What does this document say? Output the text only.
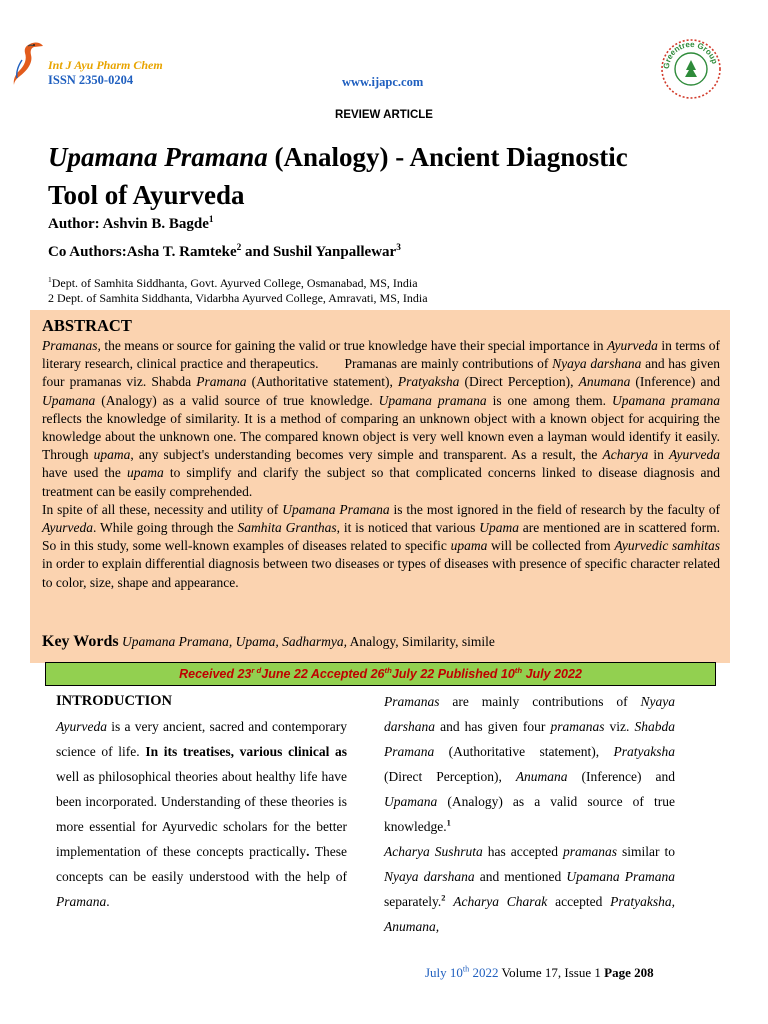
Int J Ayu Pharm Chem
ISSN 2350-0204	www.ijapc.com
Greentree Group
REVIEW ARTICLE
Upamana Pramana (Analogy) - Ancient Diagnostic
Tool of Ayurveda
Author: Ashvin B. Bagde$^1$
Co Authors:Asha T. Ramteke$^2$ and Sushil Yanpallewar$^3$
$^1$Dept. of Samhita Siddhanta, Govt. Ayurved College, Osmanabad, MS, India
2 Dept. of Samhita Siddhanta, Vidarbha Ayurved College, Amravati, MS, India
ABSTRACT

Pramanas, the means or source for gaining the valid or true knowledge have their special importance in Ayurveda in terms of literary research, clinical practice and therapeutics.       Pramanas are mainly contributions of Nyaya darshana and has given four pramanas viz. Shabda Pramana (Authoritative statement), Pratyaksha (Direct Perception), Anumana (Inference) and Upamana (Analogy) as a valid source of true knowledge. Upamana pramana is one among them. Upamana pramana reflects the knowledge of similarity. It is a method of comparing an unknown object with a known object for acquiring the knowledge about the unknown one. The compared known object is very well known even a layman would identify it easily. Through upama, any subject's understanding becomes very simple and transparent. As a result, the Acharya in Ayurveda have used the upama to simplify and clarify the subject so that complicated concerns linked to disease diagnosis and treatment can be easily comprehended.

In spite of all these, necessity and utility of Upamana Pramana is the most ignored in the field of research by the faculty of Ayurveda. While going through the Samhita Granthas, it is noticed that various Upama are mentioned are in scattered form. So in this study, some well-known examples of diseases related to specific upama will be collected from Ayurvedic samhitas in order to explain differential diagnosis between two diseases or types of diseases with presence of specific character related to color, size, shape and appearance.

Key Words Upamana Pramana, Upama, Sadharmya, Analogy, Similarity, simile
Received $23^{r d}June$ 22 Accepted 26thJuly 22 Published 10th July 2022
INTRODUCTION

Ayurveda is a very ancient, sacred and contemporary science of life. In its treatises, various clinical as well as philosophical theories about healthy life have been incorporated. Understanding of these theories is more essential for Ayurvedic scholars for the better implementation of these concepts practically. These concepts can be easily understood with the help of Pramana.

Pramanas are mainly contributions of Nyaya darshana and has given four pramanas viz. Shabda Pramana (Authoritative statement), Pratyaksha (Direct Perception), Anumana (Inference) and Upamana (Analogy) as a valid source of true knowledge.$^1$

Acharya Sushruta has accepted pramanas similar to Nyaya darshana and mentioned Upamana Pramana separately.$^2$ Acharya Charak accepted Pratyaksha, Anumana,

July 10th 2022 Volume 17, Issue 1 Page 208
